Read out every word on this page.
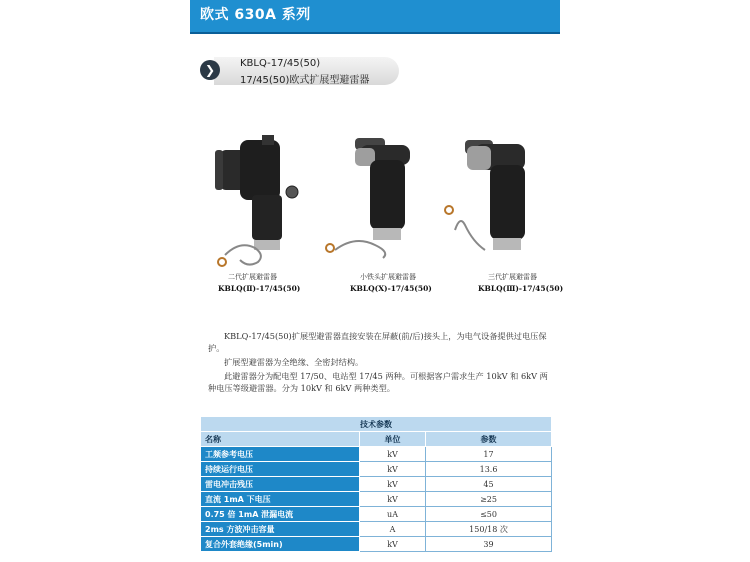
欧式 630A 系列
❯	KBLQ-17/45(50)
17/45(50)欧式扩展型避雷器
二代扩展避雷器
KBLQ(Ⅱ)-17/45(50)
小铁头扩展避雷器
KBLQ(X)-17/45(50)
三代扩展避雷器
KBLQ(Ⅲ)-17/45(50)
KBLQ-17/45(50)扩展型避雷器直接安装在屏蔽(前/后)接头上，为电气设备提供过电压保护。
扩展型避雷器为全绝缘、全密封结构。
此避雷器分为配电型 17/50、电站型 17/45 两种。可根据客户需求生产 10kV 和 6kV 两种电压等级避雷器。分为 10kV 和 6kV 两种类型。
技术参数		
名称	单位	参数
工频参考电压	kV	17
持续运行电压	kV	13.6
雷电冲击残压	kV	45
直流 1mA 下电压	kV	≥25
0.75 倍 1mA 泄漏电流	uA	≤50
2ms 方波冲击容量	A	150/18 次
复合外套绝缘(5min)	kV	39
